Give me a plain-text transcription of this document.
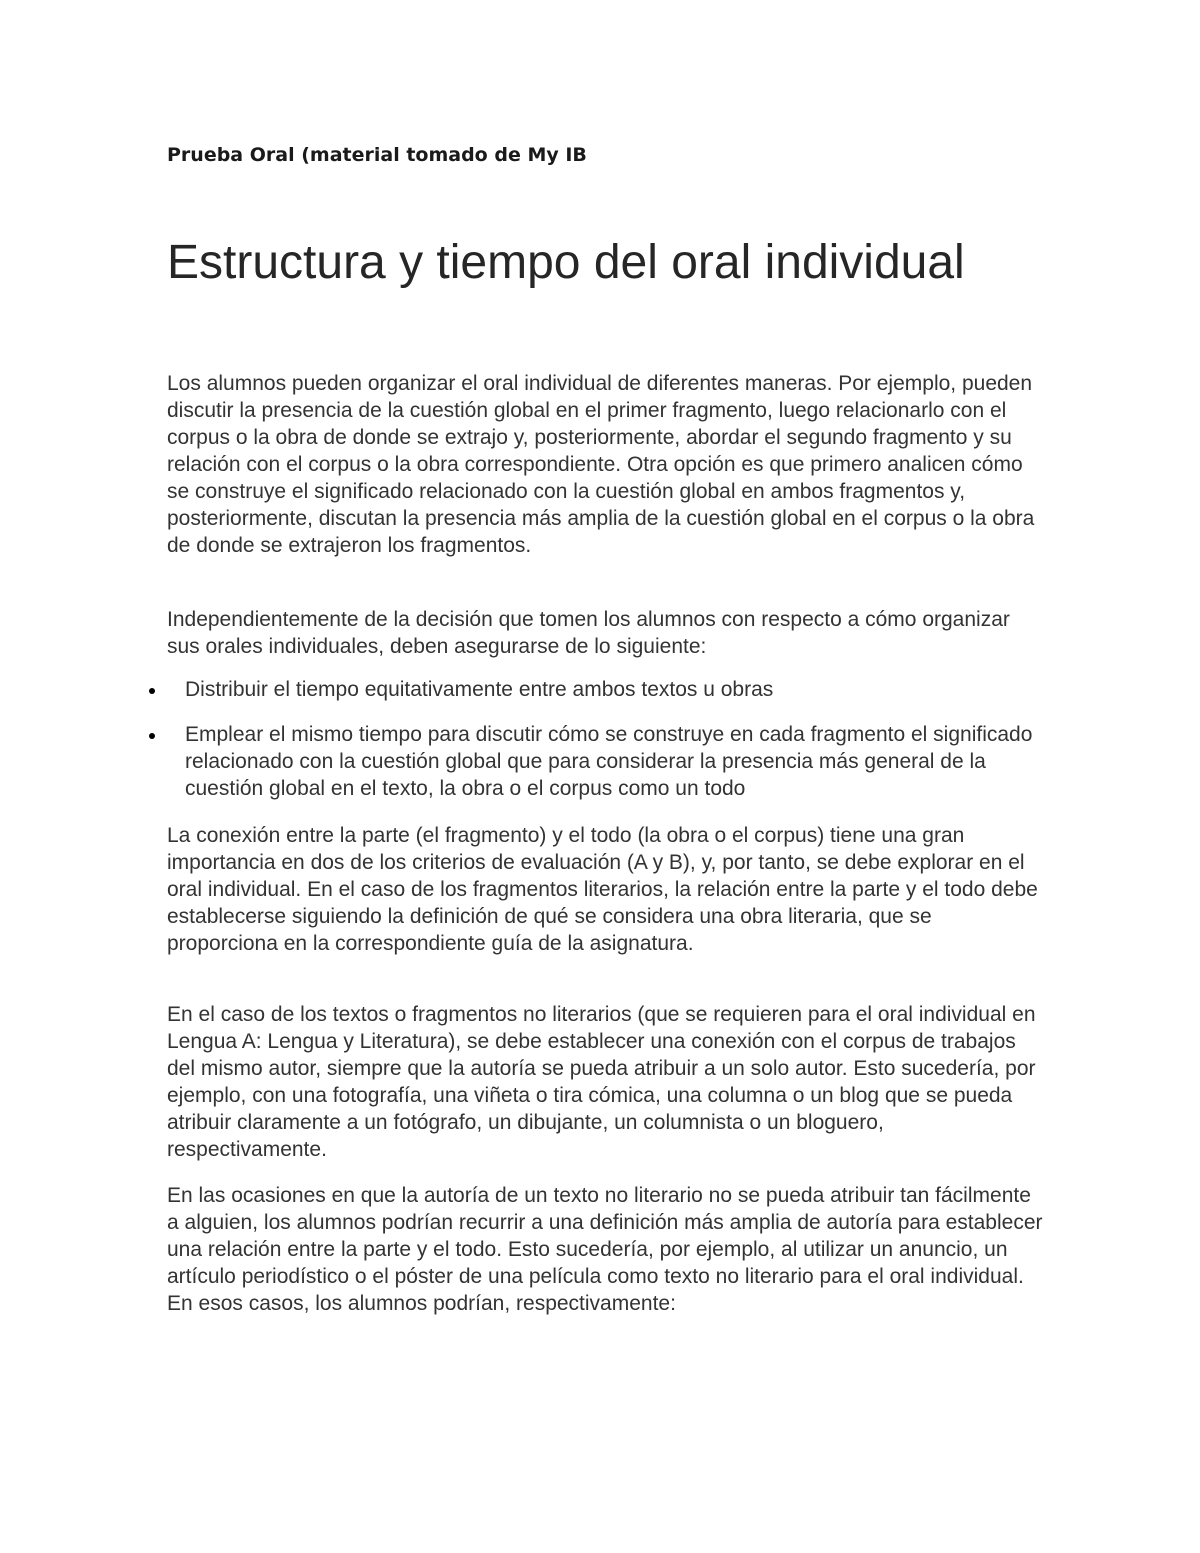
Prueba Oral (material tomado de My IB
Estructura y tiempo del oral individual

Los alumnos pueden organizar el oral individual de diferentes maneras. Por ejemplo, pueden discutir la presencia de la cuestión global en el primer fragmento, luego relacionarlo con el corpus o la obra de donde se extrajo y, posteriormente, abordar el segundo fragmento y su relación con el corpus o la obra correspondiente. Otra opción es que primero analicen cómo se construye el significado relacionado con la cuestión global en ambos fragmentos y, posteriormente, discutan la presencia más amplia de la cuestión global en el corpus o la obra de donde se extrajeron los fragmentos.

Independientemente de la decisión que tomen los alumnos con respecto a cómo organizar sus orales individuales, deben asegurarse de lo siguiente:

Distribuir el tiempo equitativamente entre ambos textos u obras
Emplear el mismo tiempo para discutir cómo se construye en cada fragmento el significado relacionado con la cuestión global que para considerar la presencia más general de la cuestión global en el texto, la obra o el corpus como un todo

La conexión entre la parte (el fragmento) y el todo (la obra o el corpus) tiene una gran importancia en dos de los criterios de evaluación (A y B), y, por tanto, se debe explorar en el oral individual. En el caso de los fragmentos literarios, la relación entre la parte y el todo debe establecerse siguiendo la definición de qué se considera una obra literaria, que se proporciona en la correspondiente guía de la asignatura.

En el caso de los textos o fragmentos no literarios (que se requieren para el oral individual en Lengua A: Lengua y Literatura), se debe establecer una conexión con el corpus de trabajos del mismo autor, siempre que la autoría se pueda atribuir a un solo autor. Esto sucedería, por ejemplo, con una fotografía, una viñeta o tira cómica, una columna o un blog que se pueda atribuir claramente a un fotógrafo, un dibujante, un columnista o un bloguero, respectivamente.

En las ocasiones en que la autoría de un texto no literario no se pueda atribuir tan fácilmente a alguien, los alumnos podrían recurrir a una definición más amplia de autoría para establecer una relación entre la parte y el todo. Esto sucedería, por ejemplo, al utilizar un anuncio, un artículo periodístico o el póster de una película como texto no literario para el oral individual. En esos casos, los alumnos podrían, respectivamente:
